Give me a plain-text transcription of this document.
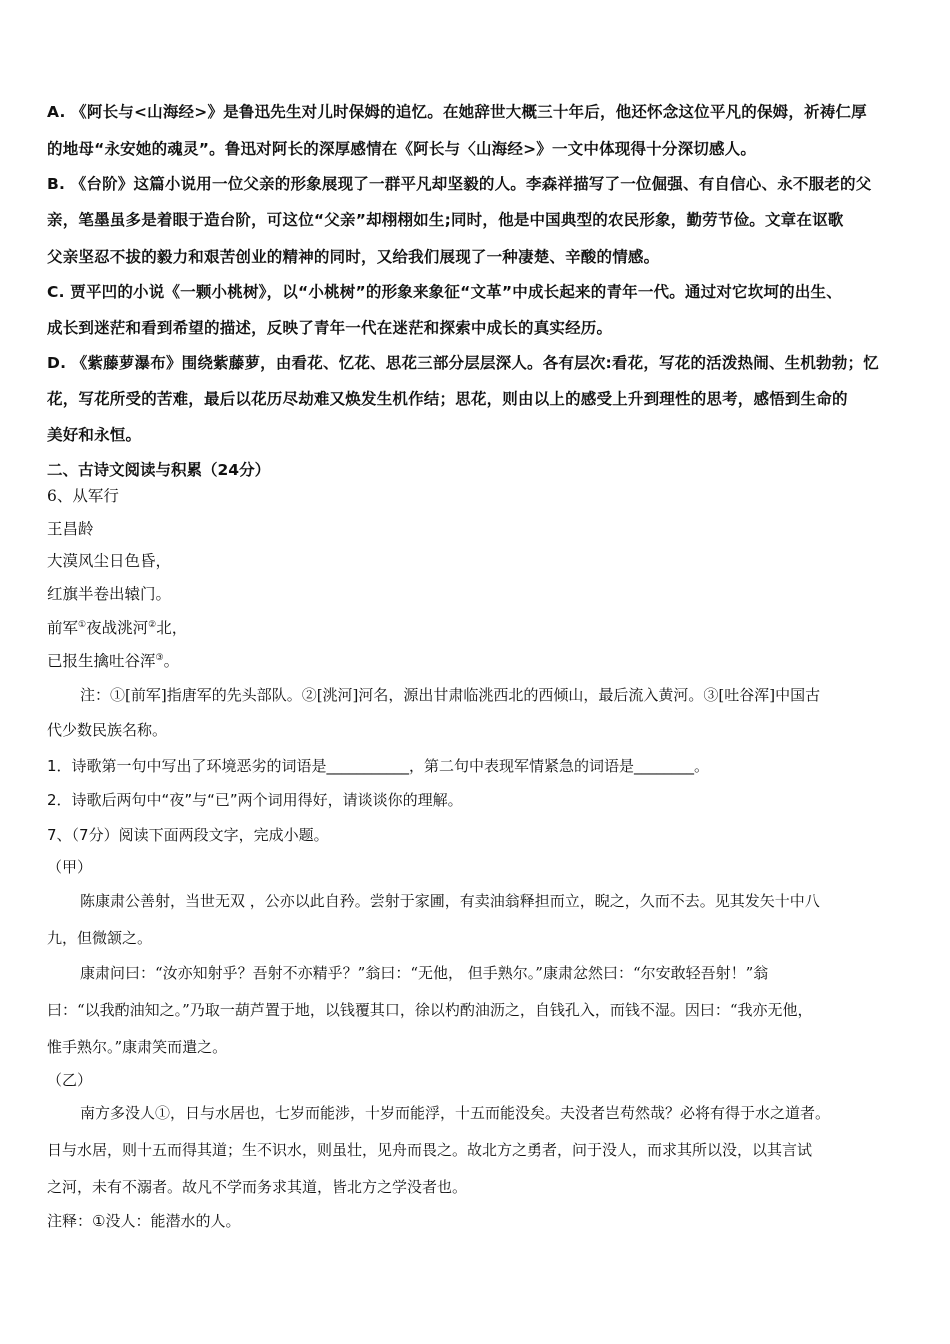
A. 《阿长与<山海经>》是鲁迅先生对儿时保姆的追忆。在她辞世大概三十年后，他还怀念这位平凡的保姆，祈祷仁厚
的地母“永安她的魂灵”。鲁迅对阿长的深厚感情在《阿长与〈山海经>》一文中体现得十分深切感人。
B. 《台阶》这篇小说用一位父亲的形象展现了一群平凡却坚毅的人。李森祥描写了一位倔强、有自信心、永不服老的父
亲，笔墨虽多是着眼于造台阶，可这位“父亲”却栩栩如生;同时，他是中国典型的农民形象，勤劳节俭。文章在讴歌
父亲坚忍不拔的毅力和艰苦创业的精神的同时，又给我们展现了一种凄楚、辛酸的情感。
C. 贾平凹的小说《一颗小桃树》，以“小桃树”的形象来象征“文革”中成长起来的青年一代。通过对它坎坷的出生、
成长到迷茫和看到希望的描述，反映了青年一代在迷茫和探索中成长的真实经历。
D. 《紫藤萝瀑布》围绕紫藤萝，由看花、忆花、思花三部分层层深人。各有层次:看花，写花的活泼热闹、生机勃勃；忆
花，写花所受的苦难，最后以花历尽劫难又焕发生机作结；思花，则由以上的感受上升到理性的思考，感悟到生命的
美好和永恒。
二、古诗文阅读与积累（24分）
6、从军行
王昌龄
大漠风尘日色昏，
红旗半卷出辕门。
前军①夜战洮河②北，
已报生擒吐谷浑③。
注：①[前军]指唐军的先头部队。②[洮河]河名，源出甘肃临洮西北的西倾山，最后流入黄河。③[吐谷浑]中国古
代少数民族名称。
1．诗歌第一句中写出了环境恶劣的词语是___________，第二句中表现军情紧急的词语是________。
2．诗歌后两句中“夜”与“已”两个词用得好，请谈谈你的理解。
7、（7分）阅读下面两段文字，完成小题。
（甲）
陈康肃公善射，当世无双 ，公亦以此自矜。尝射于家圃，有卖油翁释担而立，睨之，久而不去。见其发矢十中八
九，但微颔之。
康肃问曰：“汝亦知射乎？吾射不亦精乎？”翁曰：“无他， 但手熟尔。”康肃忿然曰：“尔安敢轻吾射！”翁
曰：“以我酌油知之。”乃取一葫芦置于地，以钱覆其口，徐以杓酌油沥之，自钱孔入，而钱不湿。因曰：“我亦无他，
惟手熟尔。”康肃笑而遣之。
（乙）
南方多没人①，日与水居也，七岁而能涉，十岁而能浮，十五而能没矣。夫没者岂苟然哉？必将有得于水之道者。
日与水居，则十五而得其道；生不识水，则虽壮，见舟而畏之。故北方之勇者，问于没人，而求其所以没，以其言试
之河，未有不溺者。故凡不学而务求其道，皆北方之学没者也。
注释：①没人：能潜水的人。
